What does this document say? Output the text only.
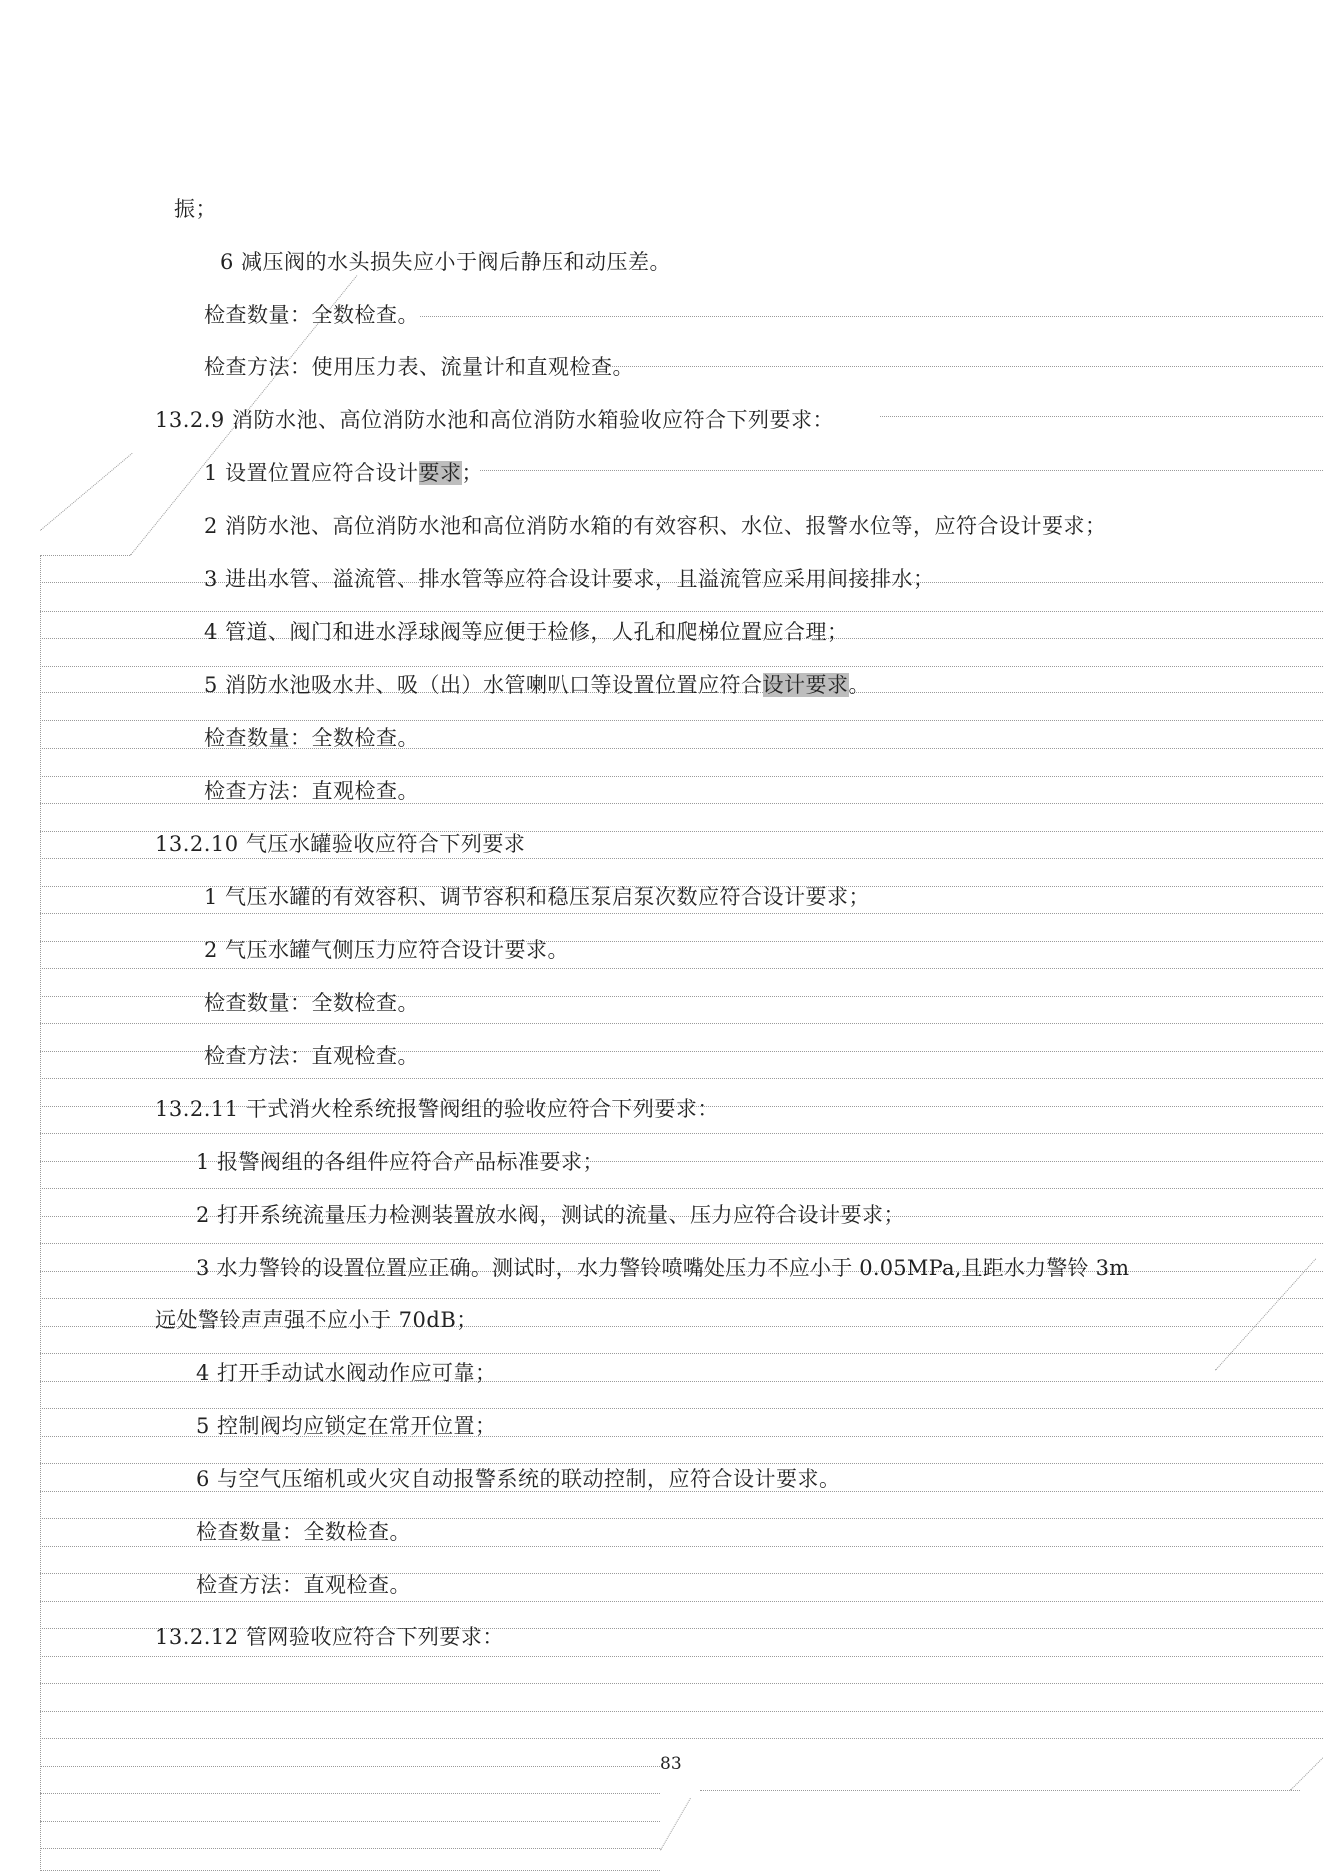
振；
6 减压阀的水头损失应小于阀后静压和动压差。
检查数量：全数检查。
检查方法：使用压力表、流量计和直观检查。
13.2.9 消防水池、高位消防水池和高位消防水箱验收应符合下列要求：
1 设置位置应符合设计要求；
2 消防水池、高位消防水池和高位消防水箱的有效容积、水位、报警水位等，应符合设计要求；
3 进出水管、溢流管、排水管等应符合设计要求，且溢流管应采用间接排水；
4 管道、阀门和进水浮球阀等应便于检修，人孔和爬梯位置应合理；
5 消防水池吸水井、吸（出）水管喇叭口等设置位置应符合设计要求。
检查数量：全数检查。
检查方法：直观检查。
13.2.10 气压水罐验收应符合下列要求
1 气压水罐的有效容积、调节容积和稳压泵启泵次数应符合设计要求；
2 气压水罐气侧压力应符合设计要求。
检查数量：全数检查。
检查方法：直观检查。
13.2.11 干式消火栓系统报警阀组的验收应符合下列要求：
1 报警阀组的各组件应符合产品标准要求；
2 打开系统流量压力检测装置放水阀，测试的流量、压力应符合设计要求；
3 水力警铃的设置位置应正确。测试时，水力警铃喷嘴处压力不应小于 0.05MPa,且距水力警铃 3m
远处警铃声声强不应小于 70dB；
4 打开手动试水阀动作应可靠；
5 控制阀均应锁定在常开位置；
6 与空气压缩机或火灾自动报警系统的联动控制，应符合设计要求。
检查数量：全数检查。
检查方法：直观检查。
13.2.12 管网验收应符合下列要求：
83
